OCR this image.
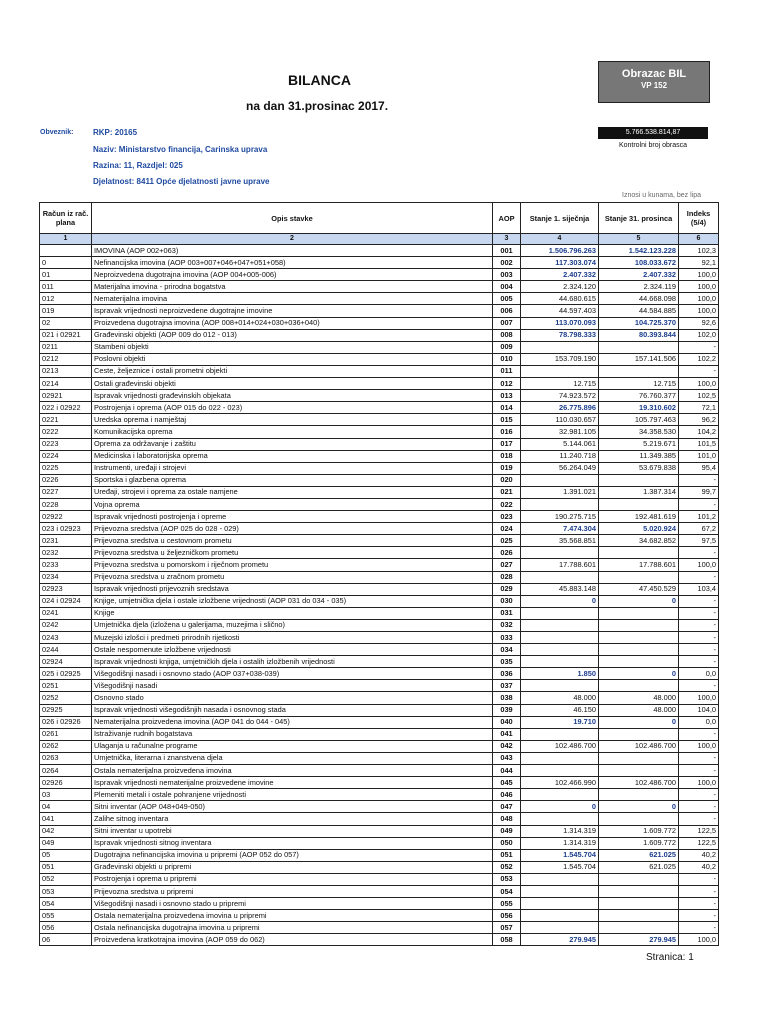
BILANCA
na dan 31.prosinac 2017.
Obrazac BIL
VP 152
Obveznik: RKP: 20165
Naziv: Ministarstvo financija, Carinska uprava
Razina: 11, Razdjel: 025
Djelatnost: 8411 Opće djelatnosti javne uprave
5.766.538.814,87
Kontrolni broj obrasca
Iznosi u kunama, bez lipa
Račun iz rač. plana	Opis stavke	AOP	Stanje 1. siječnja	Stanje 31. prosinca	Indeks (5/4)
1	2	3	4	5	6
	IMOVINA (AOP 002+063)	001	1.506.796.263	1.542.123.228	102,3
0	Nefinancijska imovina (AOP 003+007+046+047+051+058)	002	117.303.074	108.033.672	92,1
01	Neproizvedena dugotrajna imovina (AOP 004+005-006)	003	2.407.332	2.407.332	100,0
011	Materijalna imovina - prirodna bogatstva	004	2.324.120	2.324.119	100,0
012	Nematerijalna imovina	005	44.680.615	44.668.098	100,0
019	Ispravak vrijednosti neproizvedene dugotrajne imovine	006	44.597.403	44.584.885	100,0
02	Proizvedena dugotrajna imovina (AOP 008+014+024+030+036+040)	007	113.070.093	104.725.370	92,6
021 i 02921	Građevinski objekti (AOP 009 do 012 - 013)	008	78.798.333	80.393.844	102,0
0211	Stambeni objekti	009			-
0212	Poslovni objekti	010	153.709.190	157.141.506	102,2
0213	Ceste, željeznice i ostali prometni objekti	011			-
0214	Ostali građevinski objekti	012	12.715	12.715	100,0
02921	Ispravak vrijednosti građevinskih objekata	013	74.923.572	76.760.377	102,5
022 i 02922	Postrojenja i oprema (AOP 015 do 022 - 023)	014	26.775.896	19.310.602	72,1
0221	Uredska oprema i namještaj	015	110.030.657	105.797.463	96,2
0222	Komunikacijska oprema	016	32.981.105	34.358.530	104,2
0223	Oprema za održavanje i zaštitu	017	5.144.061	5.219.671	101,5
0224	Medicinska i laboratorijska oprema	018	11.240.718	11.349.385	101,0
0225	Instrumenti, uređaji i strojevi	019	56.264.049	53.679.838	95,4
0226	Sportska i glazbena oprema	020			-
0227	Uređaji, strojevi i oprema za ostale namjene	021	1.391.021	1.387.314	99,7
0228	Vojna oprema	022			-
02922	Ispravak vrijednosti postrojenja i opreme	023	190.275.715	192.481.619	101,2
023 i 02923	Prijevozna sredstva (AOP 025 do 028 - 029)	024	7.474.304	5.020.924	67,2
0231	Prijevozna sredstva u cestovnom prometu	025	35.568.851	34.682.852	97,5
0232	Prijevozna sredstva u željezničkom prometu	026			-
0233	Prijevozna sredstva u pomorskom i riječnom prometu	027	17.788.601	17.788.601	100,0
0234	Prijevozna sredstva u zračnom prometu	028			-
02923	Ispravak vrijednosti prijevoznih sredstava	029	45.883.148	47.450.529	103,4
024 i 02924	Knjige, umjetnička djela i ostale izložbene vrijednosti (AOP 031 do 034 - 035)	030	0	0	-
0241	Knjige	031			-
0242	Umjetnička djela (izložena u galerijama, muzejima i slično)	032			-
0243	Muzejski izlošci i predmeti prirodnih rijetkosti	033			-
0244	Ostale nespomenute izložbene vrijednosti	034			-
02924	Ispravak vrijednosti knjiga, umjetničkih djela i ostalih izložbenih vrijednosti	035			-
025 i 02925	Višegodišnji nasadi i osnovno stado (AOP 037+038-039)	036	1.850	0	0,0
0251	Višegodišnji nasadi	037			-
0252	Osnovno stado	038	48.000	48.000	100,0
02925	Ispravak vrijednosti višegodišnjih nasada i osnovnog stada	039	46.150	48.000	104,0
026 i 02926	Nematerijalna proizvedena imovina (AOP 041 do 044 - 045)	040	19.710	0	0,0
0261	Istraživanje rudnih bogatstava	041			-
0262	Ulaganja u računalne programe	042	102.486.700	102.486.700	100,0
0263	Umjetnička, literarna i znanstvena djela	043			-
0264	Ostala nematerijalna proizvedena imovina	044			-
02926	Ispravak vrijednosti nematerijalne proizvedene imovine	045	102.466.990	102.486.700	100,0
03	Plemeniti metali i ostale pohranjene vrijednosti	046			-
04	Sitni inventar (AOP 048+049-050)	047	0	0	-
041	Zalihe sitnog inventara	048			-
042	Sitni inventar u upotrebi	049	1.314.319	1.609.772	122,5
049	Ispravak vrijednosti sitnog inventara	050	1.314.319	1.609.772	122,5
05	Dugotrajna nefinancijska imovina u pripremi (AOP 052 do 057)	051	1.545.704	621.025	40,2
051	Građevinski objekti u pripremi	052	1.545.704	621.025	40,2
052	Postrojenja i oprema u pripremi	053			-
053	Prijevozna sredstva u pripremi	054			-
054	Višegodišnji nasadi i osnovno stado u pripremi	055			-
055	Ostala nematerijalna proizvedena imovina u pripremi	056			-
056	Ostala nefinancijska dugotrajna imovina u pripremi	057			-
06	Proizvedena kratkotrajna imovina (AOP 059 do 062)	058	279.945	279.945	100,0
Stranica: 1
